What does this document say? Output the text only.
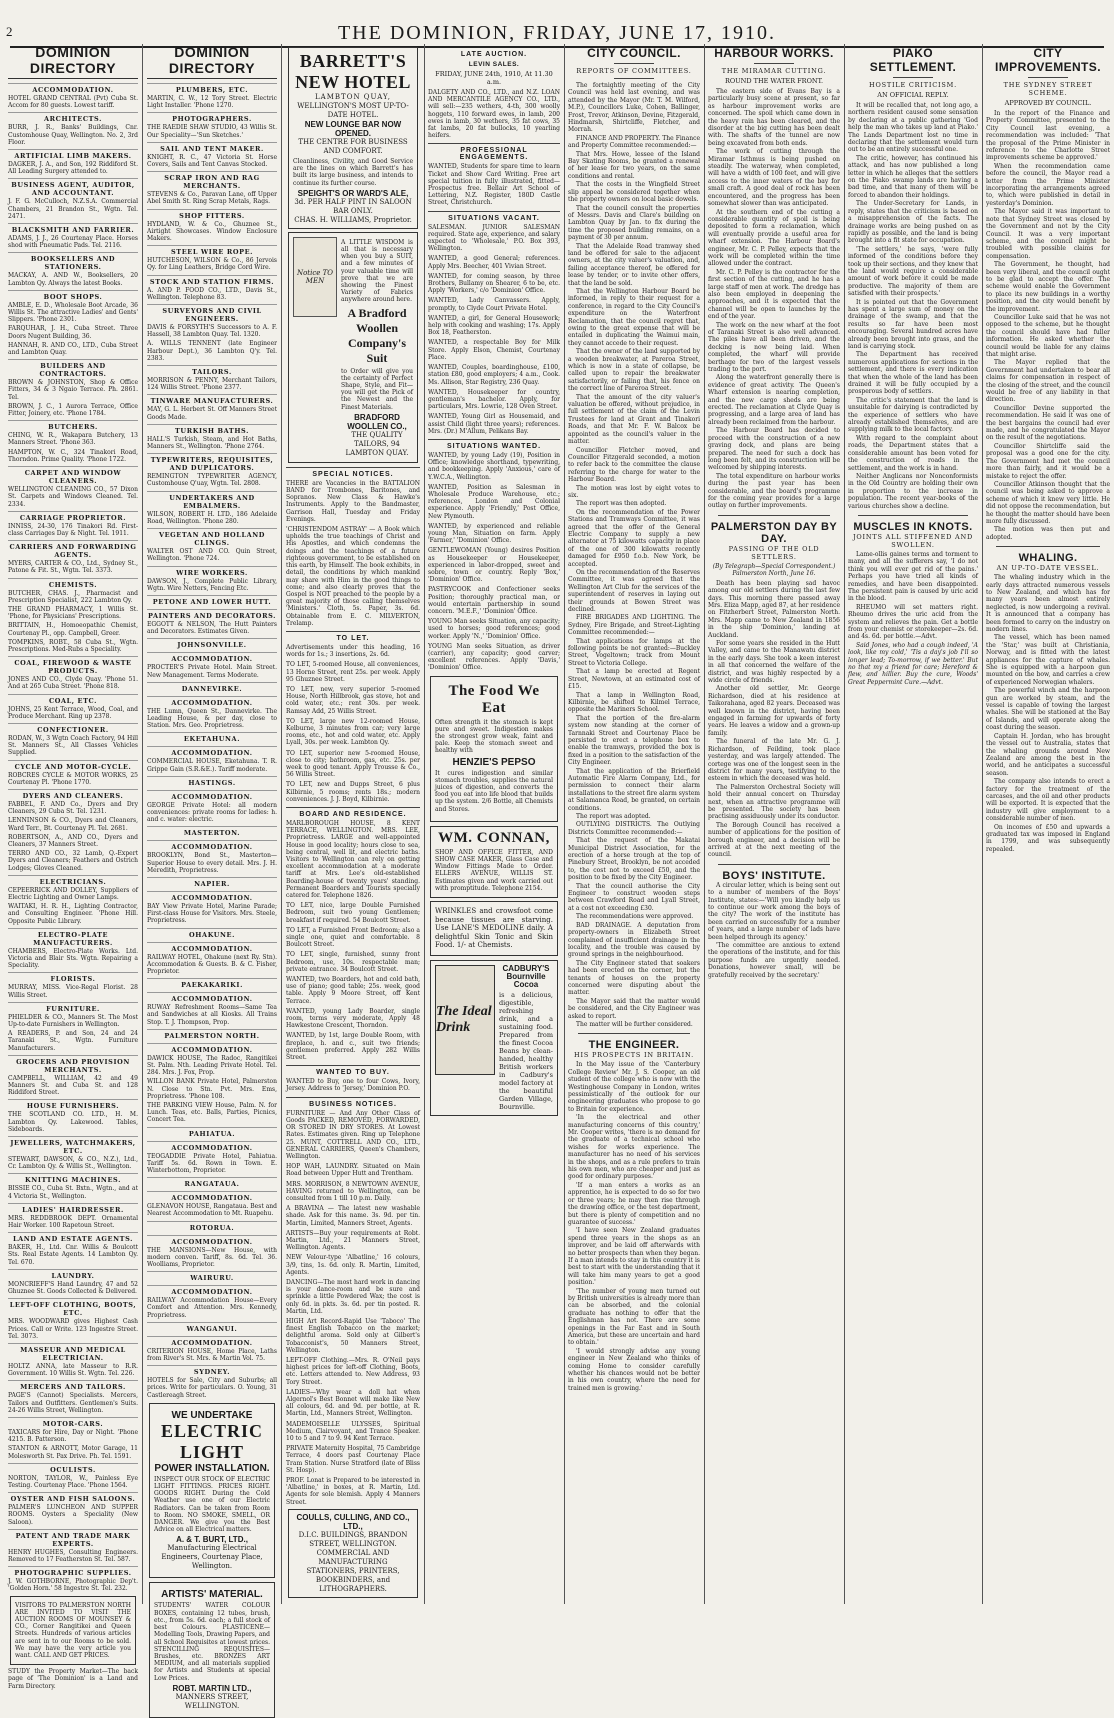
2	THE DOMINION, FRIDAY, JUNE 17, 1910.
DOMINION DIRECTORY
ACCOMMODATION.
HOTEL GRAND CENTRAL (Pvt) Cuba St. Accom for 80 guests. Lowest tariff.
ARCHITECTS.
BURR, J. R., Banks' Buildings, Cnr. Customhouse Quay, Wellington. No. 2, 3rd Floor.
ARTIFICIAL LIMB MAKERS.
DAGKER, J. A., and Son, 192 Riddiford St. All Leading Surgery attended to.
BUSINESS AGENT, AUDITOR, AND ACCOUNTANT.
J. F. G. McCulloch, N.Z.S.A. Commercial Chambers, 21 Brandon St., Wgtn. Tel. 2471.
BLACKSMITH AND FARRIER.
ADAMS, J. J., 26 Courtenay Place. Horses shod with Pneumatic Pads. Tel. 2116.
BOOKSELLERS AND STATIONERS.
MACKAY, A. AND W., Booksellers, 20 Lambton Qy. Always the latest Books.
BOOT SHOPS.
AMBLE, E. D., Wholesale Boot Arcade, 36 Willis St. The attractive Ladies' and Gents' Slippers. 'Phone 2301.
FARQUHAR, J. H., Cuba Street. Three Doors Nugent Building, 36.
HANNAH, R. AND CO., LTD., Cuba Street and Lambton Quay.
BUILDERS AND CONTRACTORS.
BROWN & JOHNSTON, Shop & Office Fitters, 34 & 3 Ngaio Terrace. Ph. 2861. Tel.
BROWN, J. C., 1 Aurora Terrace, Office Fitter, Joinery, etc. 'Phone 1784.
BUTCHERS.
CHING, W. R., Wakapara Butchery, 13 Manners Street. 'Phone 363.
HAMPTON, W. C., 324 Tinakori Road, Thorndon. Prime Quality. 'Phone 1722.
CARPET AND WINDOW CLEANERS.
WELLINGTON CLEANING CO., 57 Dixon St. Carpets and Windows Cleaned. Tel. 2334.
CARRIAGE PROPRIETOR.
INNISS, 24-30, 176 Tinakori Rd. First-class Carriages Day & Night. Tel. 1911.
CARRIERS AND FORWARDING AGENTS.
MYERS, CARTER & CO., Ltd., Sydney St., Patone & Fit. St., Wgtn. Tel. 3373.
CHEMISTS.
BUTCHER, CHAS. J., Pharmacist and Prescription Specialist, 222 Lambton Qy.
THE GRAND PHARMACY, 1 Willis St. 'Phone, for Physicians' Prescriptions.
BRITTAIN, H., Homoeopathic Chemist, Courtenay Pl., opp. Campbell, Greer.
TOMPKINS, ROBT., 58 Cuba St., Wgtn. Prescriptions. Med-Rubs a Speciality.
COAL, FIREWOOD & WASTE PRODUCTS.
JONES AND CO., Clyde Quay. 'Phone 51. And at 265 Cuba Street. 'Phone 818.
COAL, ETC.
JOHNS, 25 Kent Terrace, Wood, Coal, and Produce Merchant. Ring up 2378.
CONFECTIONER.
RODAN, W., 3 Wgtn Coach Factory, 94 Hill St. Manners St., All Classes Vehicles Supplied.
CYCLE AND MOTOR-CYCLE.
ROBCRES CYCLE & MOTOR WORKS, 25 Courtenay Pl. 'Phone 1770.
DYERS AND CLEANERS.
FABBEL, F. AND Co., Dyers and Dry Cleaners, 29 Cuba St. Tel. 1231.
LENNINSON & CO., Dyers and Cleaners, Ward Terr., Bt. Courtenay Pl. Tel. 2681.
ROBERTSON, A., AND CO., Dyers and Cleaners, 37 Manners Street.
TERRO AND CO., 32 Lamb, Q.-Expert Dyers and Cleaners; Feathers and Ostrich Lodges; Gloves Cleaned.
ELECTRICIANS.
CEPEERRICK AND DOLLEY, Suppliers of Electric Lighting and Owner Lamps.
WAITAKI, H. R. H., Lighting Contractor, and Consulting Engineer. 'Phone Hill. Opposite Public Library.
ELECTRO-PLATE MANUFACTURERS.
CHAMBERS, Electro-Plate Works. Ltd. Victoria and Blair Sts. Wgtn. Repairing a Speciality.
FLORISTS.
MURRAY, MISS. Vice-Regal Florist. 28 Willis Street.
FURNITURE.
PHIELDER & CO., Manners St. The Most Up-to-date Furnishers in Wellington.
A READERS, P. and Son, 24 and 24 Taranaki St., Wgtn. Furniture Manufacturers.
GROCERS AND PROVISION MERCHANTS.
CAMPBELL, WILLIAM, 42 and 49 Manners St. and Cuba St. and 128 Riddiford Street.
HOUSE FURNISHERS.
THE SCOTLAND CO. LTD., H. M. Lambton Qy. Lakewood. Tables, Sideboards.
JEWELLERS, WATCHMAKERS, ETC.
STEWART, DAWSON, & CO., N.Z.), Ltd., Cr. Lambton Qy. & Willis St., Wellington.
KNITTING MACHINES.
BISSIE CO., Cuba St. Bxtn., Wgtn., and at 4 Victoria St., Wellington.
LADIES' HAIRDRESSER.
MRS. REDDBROOK DEPT. Ornamental Hair Worker. 100 Rapetoun Street.
LAND AND ESTATE AGENTS.
BAKER, H., Ltd. Cnr. Willis & Boulcott Sts. Real Estate Agents. 14 Lambton Qy. Tel. 670.
LAUNDRY.
MONCRIEFF'S Hand Laundry, 47 and 52 Ghuznee St. Goods Collected & Delivered.
LEFT-OFF CLOTHING, BOOTS, ETC.
MRS. WOODWARD gives Highest Cash Prices. Call or Write. 123 Ingestre Street. Tel. 3073.
MASSEUR AND MEDICAL ELECTRICIAN.
HOLTZ ANNA, late Masseur to R.R. Government. 10 Willis St. Wgtn. Tel. 226.
MERCERS AND TAILORS.
PAGE'S (Cannot) Specialists. Mercers, Tailors and Outfitters. Gentlemen's Suits. 24-26 Willis Street, Wellington.
MOTOR-CARS.
TAXICARS for Hire, Day or Night. 'Phone 4215. B. Patterson.
STANTON & ARNOTT, Motor Garage, 11 Molesworth St. Pax Drive. Ph. Tel. 1591.
OCULISTS.
NORTON, TAYLOR, W., Painless Eye Testing. Courtenay Place. 'Phone 1564.
OYSTER AND FISH SALOONS.
PALMER'S LUNCHEON AND SUPPER ROOMS. Oysters a Speciality (New Saloon).
PATENT AND TRADE MARK EXPERTS.
HENRY HUGHES, Consulting Engineers. Removed to 17 Featherston St. Tel. 587.
PHOTOGRAPHIC SUPPLIES.
J. W. GOTHBORNE, Photographic Dep't. 'Golden Horn.' 58 Ingestre St. Tel. 232.
VISITORS TO PALMERSTON NORTH ARE INVITED TO VISIT THE AUCTION ROOMS OF MOUNSEY & CO., Corner Rangitikei and Queen Streets. Hundreds of various articles are sent in to our Rooms to be sold. We may have the very article you want. CALL AND GET PRICES.
STUDY the Property Market—The back page of 'The Dominion' is a Land and Farm Directory.
DOMINION DIRECTORY
PLUMBERS, ETC.
MARTIN, C. W., 12 Tory Street. Electric Light Installer. 'Phone 1270.
PHOTOGRAPHERS.
THE RAEDIE SHAW STUDIO, 43 Willis St. Our Speciality—'Sun Sketches.'
SAIL AND TENT MAKER.
KNIGHT, R. C., 47 Victoria St. Horse Covers, Sails and Tent Canvas Stocked.
SCRAP IRON AND RAG MERCHANTS.
STEVENS & Co., Paravan Lane, off Upper Abel Smith St. Ring Scrap Metals, Rags.
SHOP FITTERS.
HYDLAND, W. & Co., Ghuznee St., Airtight Showcases. Window Enclosure Makers.
STEEL WIRE ROPE.
HUTCHESON, WILSON & Co., 86 Jervois Qy. for Ling Leathers, Bridge Cord Wire.
STOCK AND STATION FIRMS.
A. AND P. FOOD CO., LTD., Davis St., Wellington. Telephone 83.
SURVEYORS AND CIVIL ENGINEERS.
DAVIS & FORSYTH'S Successors to A. F. Hassell, 38 Lambton Quay. Tel. 1320.
A. WILLS TENNENT (late Engineer Harbour Dept.), 36 Lambton Q'y. Tel. 2383.
TAILORS.
MORRISON & PENNY, Merchant Tailors, 124 Willis Street. 'Phone 2377.
TINWARE MANUFACTURERS.
MAY, G. L. Herbert St. Off Manners Street Goods Made.
TURKISH BATHS.
HALL'S Turkish, Steam, and Hot Baths, Manners St., Wellington. 'Phone 2764.
TYPEWRITERS, REQUISITES, AND DUPLICATORS.
REMINGTON TYPEWRITER AGENCY, Customhouse Q'uay, Wgtn. Tel. 2808.
UNDERTAKERS AND EMBALMERS.
WILSON, ROBERT H. LTD., 186 Adelaide Road, Wellington. 'Phone 280.
VEGETAN AND HOLLAND CLINGS.
WALTER OST AND CO. Quin Street, Wellington. 'Phone 724.
WIRE WORKERS.
DAWSON, J., Complete Public Library, Wgtn. Wire Netters, Fencing Etc.
PETONE AND LOWER HUTT.
PAINTERS AND DECORATORS.
EGGOTT & NELSON, The Hutt Painters and Decorators. Estimates Given.
JOHNSONVILLE.
ACCOMMODATION.
PROCTER'S Private Hotel. Main Street. New Management. Terms Moderate.
DANNEVIRKE.
ACCOMMODATION.
THE Lumn, Queen St., Dannevirke. The Leading House, & per day, close to Station. Mrs. Geo. Proprietress.
EKETAHUNA.
ACCOMMODATION.
COMMERCIAL HOUSE, Eketahuna. T. R. Grippe Gain (S.R.&E.). Tariff moderate.
HASTINGS.
ACCOMMODATION.
GEORGE Private Hotel: all modern conveniences: private rooms for ladies: h. and c. water: electric.
MASTERTON.
ACCOMMODATION.
BROOKLYN, Bond St., Masterton—Superior House to every detail. Mrs. J. H. Meredith, Proprietress.
NAPIER.
ACCOMMODATION.
BAY View Private Hotel, Marine Parade; First-class House for Visitors. Mrs. Steele, Proprietress.
OHAKUNE.
ACCOMMODATION.
RAILWAY HOTEL, Ohakune (next Ry. Stn). Accommodation & Guests. B. & C. Fisher, Proprietor.
PAEKAKARIKI.
ACCOMMODATION.
RUWAY Refreshment Rooms—Same Tea and Sandwiches at all Kiosks. All Trains Stop. T. J. Thompson, Prop.
PALMERSTON NORTH.
ACCOMMODATION.
DAWICK HOUSE, The Radoc, Rangitikei St. Palm. Nth. Leading Private Hotel. Tel. 284. Mrs. J. Fox, Prop.
WILLON BANK Private Hotel, Palmerston N. Close to Stn. Pvt. Mrs. Ems, Proprietress. 'Phone 108.
THE PARKING VIEW House, Palm. N. for Lunch. Teas, etc. Balls, Parties, Picnics, Concert Tea.
PAHIATUA.
ACCOMMODATION.
TEOGADDIE Private Hotel, Pahiatua. Tariff 5s. 6d. Rown in Town. E. Winterbottom, Proprietor.
RANGATAUA.
ACCOMMODATION.
GLENAVON HOUSE, Rangataua. Best and Nearest Accommodation to Mt. Ruapehu.
ROTORUA.
ACCOMMODATION.
THE MANSIONS—New House, with modern conven. Tariff, 8s. 6d. Tel. 36. Woolliams, Proprietor.
WAIRURU.
ACCOMMODATION.
RAILWAY Accommodation House—Every Comfort and Attention. Mrs. Kennedy, Proprietress.
WANGANUI.
ACCOMMODATION.
CRITERION HOUSE, Home Place, Laths from River's St. Mrs. & Martin Vol. 75.
SYDNEY.
HOTELS for Sale, City and Suburbs; all prices. Write for particulars. O. Young, 31 Castlereagh Street.
WE UNDERTAKE
ELECTRIC LIGHT
POWER INSTALLATION.
INSPECT OUR STOCK OF ELECTRIC LIGHT FITTINGS. PRICES RIGHT. GOODS RIGHT. During the Cold Weather use one of our Electric Radiators. Can be taken from Room to Room. NO SMOKE, SMELL, OR DANGER. We give you the Best Advice on all Electrical matters.
A. & T. BURT, LTD.,
Manufacturing Electrical Engineers, Courtenay Place, Wellington.
ARTISTS' MATERIAL.
STUDENTS' WATER COLOUR BOXES, containing 12 tubes, brush, etc., from 5s. 6d. each; a full stock of best Colours. PLASTICENE—Modelling Tools, Drawing Papers, and all School Requisites at lowest prices. STENCILLING REQUISITES—Brushes, etc. BRONZES ART MEDIUM, and all materials supplied for Artists and Students at special Low Prices.
ROBT. MARTIN LTD.,
MANNERS STREET, WELLINGTON.
BARRETT'S NEW HOTEL
LAMBTON QUAY,
WELLINGTON'S MOST UP-TO-DATE HOTEL.
NEW LOUNGE BAR NOW OPENED.
THE CENTRE FOR BUSINESS AND COMFORT.
Cleanliness, Civility, and Good Service are the lines on which Barrett's has built its large business, and intends to continue its further course.
SPEIGHT'S OR WARD'S ALE,
3d. PER HALF PINT IN SALOON BAR ONLY.
CHAS. H. WILLIAMS, Proprietor.
Notice TO MEN
A LITTLE WISDOM is all that is necessary when you buy a SUIT, and a few minutes of your valuable time will prove that we are showing the Finest Variety of Fabrics anywhere around here.
A Bradford Woollen Company's Suit
to Order will give you the certainty of Perfect Shape, Style, and Fit—you will get the Pick of the Newest and the Finest Materials.
BRADFORD WOOLLEN CO.,
THE QUALITY TAILORS, 94 LAMBTON QUAY.
SPECIAL NOTICES.
THERE are Vacancies in the BATTALION BAND for Trombones, Baritones, and Sopranos. New Class & Hawke's Instruments. Apply to the Bandmaster, Garrison Hall, Tuesday and Friday Evenings.
'CHRISTENDOM ASTRAY' — A Book which upholds the true teachings of Christ and His Apostles, and which condemns the doings and the teachings of a future righteous government, to be established on this earth, by Himself. The book exhibits, in detail, the conditions by which mankind may share with Him in the good things to come; and also clearly proves that the Gospel is NOT preached to the people by a great majority of those calling themselves 'Ministers.' Cloth, 5s. Paper, 3s. 6d. Obtainable from E. C. MILVERTON, Trelamp.
TO LET.
Advertisements under this heading, 16 words for 1s.; 3 insertions, 2s. 6d.
TO LET, 5-roomed House, all conveniences, 13 Horne Street, rent 25s. per week. Apply 95 Ghuznee Street.
TO LET, new, very superior 5-roomed House, North Hillbrook, gas stove, hot and cold water, etc.; rent 30s. per week. Ramsay Add, 25 Willis Street.
TO LET, large new 12-roomed House, Kelburne, 3 minutes from car; very large rooms, etc., hot and cold water, etc. Apply Lyall, 30s. per week. Lambton Qy.
TO LET, superior new 5-roomed House, close to city; bathroom, gas, etc. 25s. per week to good tenant. Apply Trousse & Co., 56 Willis Street.
TO LET, new and Dupps Street, 6 plus Kilbirnie, 5 rooms; rents 18s.; modern conveniences. J. J. Boyd, Kilbirnie.
BOARD AND RESIDENCE.
MARLBOROUGH HOUSE, 8 KENT TERRACE, WELLINGTON. MRS. LEE, Proprietress. LARGE and well-appointed House in good locality; hours close to sea, being central, well lit, and electric baths. Visitors to Wellington can rely on getting excellent accommodation at a moderate tariff at Mrs. Lee's old-established Boarding-house of twenty years' standing. Permanent Boarders and Tourists specially catered for. Telephone 1826.
TO LET, nice, large Double Furnished Bedroom, suit two young Gentlemen; breakfast if required. 54 Boulcott Street.
TO LET, a Furnished Front Bedroom; also a single one, quiet and comfortable. 8 Boulcott Street.
TO LET, single, furnished, sunny front Bedroom, use, 10s. respectable man; private entrance. 34 Boulcott Street.
WANTED, two Boarders, hot and cold bath, use of piano; good table; 25s. week, good table. Apply 9 Moore Street, off Kent Terrace.
WANTED, young Lady Boarder, single room, terms very moderate, Apply 48 Hawkestone Crescent, Thorndon.
WANTED, by 1st, large Double Room, with fireplace, h. and c., suit two friends; gentlemen preferred. Apply 282 Willis Street.
WANTED TO BUY.
WANTED to Buy, one to four Cows, Ivory, Jersey. Address to 'Jersey,' Dominion P.O.
BUSINESS NOTICES.
FURNITURE — And Any Other Class of Goods PACKED, REMOVED, FORWARDED, OR STORED IN DRY STORES. At Lowest Rates. Estimates given. Ring up Telephone 25. MUNT, COTTRELL AND CO., LTD., GENERAL CARRIERS, Queen's Chambers, Wellington.
HOP WAH, LAUNDRY. Situated on Main Road between Upper Hutt and Trentham.
MRS. MORRISON, 8 NEWTOWN AVENUE, HAVING returned to Wellington, can be consulted from 1 till 10 p.m. Daily.
A BRAVINA — The latest new washable shade. Ask for this name. 3s. 9d. per tin. Martin, Limited, Manners Street, Agents.
ARTISTS—Buy your requirements at Robt. Martin, Ltd., 21 Manners Street, Wellington. Agents.
NEW Velour-type 'Albatline,' 16 colours, 3/9, tins, 1s. 6d. only. R. Martin, Limited, Agents.
DANCING—The most hard work in dancing is your dance-room and be sure and sprinkle a little Powdered Wax; the cost is only 6d. in pkts. 3s. 6d. per tin posted. R. Martin, Ltd.
HIGH Art Record-Rapid Use 'Taboco' The finest English Tobacco on the market; delightful aroma. Sold only at Gilbert's Tobacconist's, 50 Manners Street, Wellington.
LEFT-OFF Clothing.—Mrs. R. O'Neil pays highest prices for left-off Clothing, Boots, etc. Letters attended to. New Address, 93 Tory Street.
LADIES—Why wear a doll hat when Algernol's Best Bonnet will make like New all colours, 6d. and 9d. per bottle, at R. Martin, Ltd., Manners Street, Wellington.
MADEMOISELLE ULYSSES, Spiritual Medium, Clairvoyant, and Trance Speaker. 10 to 5 and 7 to 9. 94 Kent Terrace.
PRIVATE Maternity Hospital, 75 Cambridge Terrace, 4 doors past Courtenay Place Tram Station. Nurse Stratford (late of Bliss St. Hosp).
PROF. Lonat is Prepared to be interested in 'Albatline,' in boxes, at R. Martin, Ltd. Agents for sole blemish. Apply 4 Manners Street.
COULLS, CULLING, AND CO., LTD.,
D.I.C. BUILDINGS, BRANDON STREET, WELLINGTON.
COMMERCIAL AND MANUFACTURING STATIONERS, PRINTERS, BOOKBINDERS, and LITHOGRAPHERS.
LATE AUCTION.
LEVIN SALES.
FRIDAY, JUNE 24th, 1910, At 11.30 a.m.
DALGETY AND CO., LTD., and N.Z. LOAN AND MERCANTILE AGENCY CO., LTD., will sell:—235 wethers, 4-th, 300 woolly hoggets, 110 forward ewes, in lamb, 200 ewes in lamb, 30 wethers, 35 fat cows, 35 fat lambs, 20 fat bullocks, 10 yearling heifers.
PROFESSIONAL ENGAGEMENTS.
WANTED, Students for spare time to learn Ticket and Show Card Writing. Free art special tuition in fully illustrated, fitted—Prospectus free. Bellair Art School of Lettering, N.Z. Register, 180D Castle Street, Christchurch.
SITUATIONS VACANT.
SALESMAN. JUNIOR SALESMAN required. State age, experience, and salary expected to 'Wholesale,' P.O. Box 393, Wellington.
WANTED, a good General; references. Apply Mrs. Beecher, 401 Vivian Street.
WANTED, for coming season, by three Brothers, Bullamy on Shearer, 6 to be, etc. Apply 'Workers,' c/o 'Dominion' Office.
WANTED, Lady Canvassers. Apply, promptly, to Clyde Court Private Hotel.
WANTED, a girl, for General Housework; help with cooking and washing; 17s. Apply Box 18, Featherston.
WANTED, a respectable Boy for Milk Store. Apply Elson, Chemist, Courtenay Place.
WANTED, Couples, boardinghouse, £100, station £80, good employers; 4 a.m., Cook. Ms. Allison, Star Registry, 236 Quay.
WANTED, Housekeeper for country, gentleman's bachelor. Apply, for particulars, Mrs. Lowrie, 128 Oven Street.
WANTED, Young Girl as Housemaid, and assist Child (light three years); references. Mrs. (Dr.) M'Allum, Pelikans Bay.
SITUATIONS WANTED.
WANTED, by young Lady (19), Position in Office; knowledge shorthand, typewriting, and bookkeeping. Apply 'Anxious,' care of Y.W.C.A., Wellington.
WANTED, Position as Salesman in Wholesale Produce Warehouse, etc.; references, London and Colonial experience. Apply 'Friendly,' Post Office, New Plymouth.
WANTED, by experienced and reliable young Man, Situation on farm. Apply 'Farmer,' 'Dominion' Office.
GENTLEWOMAN (Young) desires Position as Housekeeper or Housekeeper, experienced in labor-dropped, sweet and sobre, town or country. Reply 'Box,' 'Dominion' Office.
PASTRYCOOK and Confectioner seeks Position; thoroughly practical man, or would entertain partnership in sound concern. 'M.E.F.,' 'Dominion' Office.
YOUNG Man seeks Situation, any capacity; used to horses; good references; good worker. Apply 'N.,' 'Dominion' Office.
YOUNG Man seeks Situation, as driver (carrier), any capacity; good carver; excellent references. Apply 'Davis,' 'Dominion' Office.
The Food We Eat
Often strength it the stomach is kept pure and sweet. Indigestion makes the strongest grow weak, faint and pale. Keep the stomach sweet and healthy with
HENZIE'S PEPSO
It cures indigestion and similar stomach troubles, supplies the natural juices of digestion, and converts the food you eat into life blood that builds up the system. 2/6 Bottle, all Chemists and Stores.
WM. CONNAN,
SHOP AND OFFICE FITTER, AND SHOW CASE MAKER, Glass Case and Window Fittings Made to Order. ELLERS AVENUE, WILLIS ST. Estimates given and work carried out with promptitude. Telephone 2154.
WRINKLES and crowsfoot come because tissues are starving. Use LANE'S MEDOLINE daily. A delightful Skin Tonic and Skin Food. 1/- at Chemists.
The Ideal Drink
CADBURY'S Bournville Cocoa
is a delicious, digestible, refreshing drink, and a sustaining food. Prepared from the finest Cocoa Beans by clean-handed, healthy British workers in Cadbury's model factory at the beautiful Garden Village, Bournville.
CITY COUNCIL.
REPORTS OF COMMITTEES.
The fortnightly meeting of the City Council was held last evening, and was attended by the Mayor (Mr. T. M. Wilford, M.P.), Councillors Luke, Cohen, Ballinger, Frost, Trevor, Atkinson, Devine, Fitzgerald, Hindmarsh, Shirtcliffe, Fletcher, and Morrah.
FINANCE AND PROPERTY. The Finance and Property Committee recommended:—
That Mrs. Howe, lessee of the Island Bay Skating Rooms, be granted a renewal of her lease for two years, on the same conditions and rental.
That the costs in the Wingfield Street slip appeal be considered together when the property owners on local basic dowels.
That the council consult the properties of Messrs. Davis and Clare's building on Lambton Quay by Jan. to fix during the time the proposed building remains, on a payment of 30 per annum.
That the Adelaide Road tramway shed land be offered for sale to the adjacent owners, at the city valuer's valuation, and, failing acceptance thereof, be offered for lease by tender, or to invite other offers, that the land be sold.
That the Wellington Harbour Board be informed, in reply to their request for a conference, in regard to the City Council's expenditure on the Waterfront Reclamation, that the council regret that, owing to the great expense that will be entailed in duplicating the Waimui main, they cannot accede to their request.
That the owner of the land supported by a wooden breakwater, at Pareroa Street, which is now in a state of collapse, be called upon to repair the breakwater satisfactorily, or failing that, his fence on the correct line of Pareroa Street.
That the amount of the city valuer's valuation be offered, without prejudice, in full settlement of the claim of the Levin Trustees for land at Grant and Tinakori Roads, and that Mr. F. W. Balcox be appointed as the council's valuer in the matter.
Councillor Fletcher moved, and Councillor Fitzgerald seconded, a motion to refer back to the committee the clause referring to the charge for water to the Harbour Board.
The motion was lost by eight votes to six.
The report was then adopted.
On the recommendation of the Power Stations and Tramways Committee, it was agreed that the offer of the General Electric Company to supply a new alternator at 75 kilowatts capacity in place of the one of 300 kilowatts recently damaged for £950 f.o.b. New York, be accepted.
On the recommendation of the Reserves Committee, it was agreed that the Wellington Art Club for the services of the superintendent of reserves in laying out their grounds at Bowen Street was declined.
FIRE BRIGADES AND LIGHTING. The Sydney, Fire Brigade, and Street-Lighting Committee recommended:—
That applications for lamps at the following points be not granted:—Buckley Street, Vogeltown; track from Mount Street to Victoria College.
That a lamp be erected at Regent Street, Newtown, at an estimated cost of £15.
That a lamp in Wellington Road, Kilbirnie, be shifted to Kilmel Terrace, opposite the Mariners School.
That the portion of the fire-alarm system now standing at the corner of Tarnnaki Street and Courtenay Place be persisted to erect a telephone box to enable the tramways, provided the box is fixed in a position to the satisfaction of the City Engineer.
That the application of the Brierfield Automatic Fire Alarm Company, Ltd., for permission to connect their alarm installations to the street fire alarm system at Salamanca Road, be granted, on certain conditions.
The report was adopted.
OUTLYING DISTRICTS. The Outlying Districts Committee recommended:—
That the request of the Makatai Municipal District Association, for the erection of a horse trough at the top of Pinebury Street, Brooklyn, be not acceded to, the cost not to exceed £50, and the position to be fixed by the City Engineer.
That the council authorise the City Engineer to construct wooden steps between Crawford Road and Lyall Street, at a cost not exceeding £30.
The recommendations were approved.
BAD DRAINAGE. A deputation from property-owners in Elizabeth Street complained of insufficient drainage in the locality, and the trouble was caused by ground springs in the neighbourhood.
The City Engineer stated that soakers had been erected on the corner, but the tenants of houses on the property concerned were disputing about the matter.
The Mayor said that the matter would be considered, and the City Engineer was asked to report.
The matter will be further considered.
THE ENGINEER.
HIS PROSPECTS IN BRITAIN.
In the May issue of the 'Canterbury College Review' Mr. J. S. Cooper, an old student of the college who is now with the Westinghouse Company in London, writes pessimistically of the outlook for our engineering graduates who propose to go to Britain for experience.
'In the electrical and other manufacturing concerns of this country,' Mr. Cooper writes, 'there is no demand for the graduate of a technical school who wishes for works experience. The manufacturer has no need of his services in the shops, and as a rule prefers to train his own men, who are cheaper and just as good for ordinary purposes.'
'If a man enters a works as an apprentice, he is expected to do so for two or three years; he may then rise through the drawing office, or the test department, but there is plenty of competition and no guarantee of success.'
'I have seen New Zealand graduates spend three years in the shops as an improver, and be laid off afterwards with no better prospects than when they began. If a man intends to stay in this country it is best to start with the understanding that it will take him many years to get a good position.'
'The number of young men turned out by British universities is already more than can be absorbed, and the colonial graduate has nothing to offer that the Englishman has not. There are some openings in the Far East and in South America, but these are uncertain and hard to obtain.'
'I would strongly advise any young engineer in New Zealand who thinks of coming Home to consider carefully whether his chances would not be better in his own country, where the need for trained men is growing.'
HARBOUR WORKS.
THE MIRAMAR CUTTING.
ROUND THE WATER FRONT.
The eastern side of Evans Bay is a particularly busy scene at present, so far as harbour improvement works are concerned. The spoil which came down in the heavy rain has been cleared, and the disorder at the big cutting has been dealt with. The shafts of the tunnel are now being excavated from both ends.
The work of cutting through the Miramar Isthmus is being pushed on steadily. The waterway, when completed, will have a width of 100 feet, and will give access to the inner waters of the bay for small craft. A good deal of rock has been encountered, and the progress has been somewhat slower than was anticipated.
At the southern end of the cutting a considerable quantity of spoil is being deposited to form a reclamation, which will eventually provide a useful area for wharf extension. The Harbour Board's engineer, Mr. C. P. Pelley, expects that the work will be completed within the time allowed under the contract.
Mr. C. P. Pelley is the contractor for the first section of the cutting, and he has a large staff of men at work. The dredge has also been employed in deepening the approaches, and it is expected that the channel will be open to launches by the end of the year.
The work on the new wharf at the foot of Taranaki Street is also well advanced. The piles have all been driven, and the decking is now being laid. When completed, the wharf will provide berthage for two of the largest vessels trading to the port.
Along the waterfront generally there is evidence of great activity. The Queen's Wharf extension is nearing completion, and the new cargo sheds are being erected. The reclamation at Clyde Quay is progressing, and a large area of land has already been reclaimed from the harbour.
The Harbour Board has decided to proceed with the construction of a new graving dock, and plans are being prepared. The need for such a dock has long been felt, and its construction will be welcomed by shipping interests.
The total expenditure on harbour works during the past year has been considerable, and the board's programme for the coming year provides for a large outlay on further improvements.
PALMERSTON DAY BY DAY.
PASSING OF THE OLD SETTLERS.
(By Telegraph—Special Correspondent.) Palmerston North, June 16.
Death has been playing sad havoc among our old settlers during the last few days. This morning there passed away Mrs. Eliza Mapp, aged 87, at her residence on Fitzherbert Street, Palmerston North. Mrs. Mapp came to New Zealand in 1856 in the ship 'Dominion,' landing at Auckland.
For some years she resided in the Hutt Valley, and came to the Manawatu district in the early days. She took a keen interest in all that concerned the welfare of the district, and was highly respected by a wide circle of friends.
Another old settler, Mr. George Richardson, died at his residence at Taikorahana, aged 82 years. Deceased was well known in the district, having been engaged in farming for upwards of forty years. He leaves a widow and a grown-up family.
The funeral of the late Mr. G. J. Richardson, of Feilding, took place yesterday, and was largely attended. The cortege was one of the longest seen in the district for many years, testifying to the esteem in which the deceased was held.
The Palmerston Orchestral Society will hold their annual concert on Thursday next, when an attractive programme will be presented. The society has been practising assiduously under its conductor.
The Borough Council has received a number of applications for the position of borough engineer, and a decision will be arrived at at the next meeting of the council.
BOYS' INSTITUTE.
A circular letter, which is being sent out to a number of members of the Boys' Institute, states:—'Will you kindly help us to continue our work among the boys of the city? The work of the institute has been carried on successfully for a number of years, and a large number of lads have been helped through its agency.'
'The committee are anxious to extend the operations of the institute, and for this purpose funds are urgently needed. Donations, however small, will be gratefully received by the secretary.'
PIAKO SETTLEMENT.
HOSTILE CRITICISM.
AN OFFICIAL REPLY.
It will be recalled that, not long ago, a northern resident caused some sensation by declaring at a public gathering 'God help the man who takes up land at Piako.' The Lands Department lost no time in declaring that the settlement would turn out to be an entirely successful one.
The critic, however, has continued his attack, and has now published a long letter in which he alleges that the settlers on the Piako swamp lands are having a bad time, and that many of them will be forced to abandon their holdings.
The Under-Secretary for Lands, in reply, states that the criticism is based on a misapprehension of the facts. The drainage works are being pushed on as rapidly as possible, and the land is being brought into a fit state for occupation.
'The settlers,' he says, 'were fully informed of the conditions before they took up their sections, and they knew that the land would require a considerable amount of work before it could be made productive. The majority of them are satisfied with their prospects.'
It is pointed out that the Government has spent a large sum of money on the drainage of the swamp, and that the results so far have been most encouraging. Several hundred acres have already been brought into grass, and the land is carrying stock.
The Department has received numerous applications for sections in the settlement, and there is every indication that when the whole of the land has been drained it will be fully occupied by a prosperous body of settlers.
The critic's statement that the land is unsuitable for dairying is contradicted by the experience of settlers who have already established themselves, and are supplying milk to the local factory.
With regard to the complaint about roads, the Department states that a considerable amount has been voted for the construction of roads in the settlement, and the work is in hand.
Neither Anglicans nor Nonconformists in the Old Country are holding their own in proportion to the increase in population. The recent year-books of the various churches show a decline.
MUSCLES IN KNOTS.
JOINTS ALL STIFFENED AND SWOLLEN.
Lame-ollis gaines terms and torment to many, and all the sufferers say, 'I do not think you will ever get rid of the pains.' Perhaps you have tried all kinds of remedies, and have been disappointed. The persistent pain is caused by uric acid in the blood.
RHEUMO will set matters right. Rheumo drives the uric acid from the system and relieves the pain. Get a bottle from your chemist or storekeeper—2s. 6d. and 4s. 6d. per bottle.—Advt.
Said Jones, who had a cough indeed, 'A look, like my cold,' 'Tis a day's job I'll so longer lead; To-morrow, if we better.' But no that my a friend for care; Hereford & flew, and hillier. Buy the cure, Woods' Great Peppermint Cure.—Advt.
CITY IMPROVEMENTS.
THE SYDNEY STREET SCHEME.
APPROVED BY COUNCIL.
In the report of the Finance and Property Committee, presented to the City Council last evening, a recommendation was included: 'That the proposal of the Prime Minister in reference to the Charlotte Street improvements scheme be approved.'
When the recommendation came before the council, the Mayor read a letter from the Prime Minister incorporating the arrangements agreed to, which were published in detail in yesterday's Dominion.
The Mayor said it was important to note that Sydney Street was closed by the Government and not by the City Council. It was a very important scheme, and the council might be troubled with possible claims for compensation.
The Government, he thought, had been very liberal, and the council ought to be glad to accept the offer. The scheme would enable the Government to place its new buildings in a worthy position, and the city would benefit by the improvement.
Councillor Luke said that he was not opposed to the scheme, but he thought the council should have had fuller information. He asked whether the council would be liable for any claims that might arise.
The Mayor replied that the Government had undertaken to bear all claims for compensation in respect of the closing of the street, and the council would be free of any liability in that direction.
Councillor Devine supported the recommendation. He said it was one of the best bargains the council had ever made, and he congratulated the Mayor on the result of the negotiations.
Councillor Shirtcliffe said the proposal was a good one for the city. The Government had met the council more than fairly, and it would be a mistake to reject the offer.
Councillor Atkinson thought that the council was being asked to approve a scheme of which it knew very little. He did not oppose the recommendation, but he thought the matter should have been more fully discussed.
The motion was then put and adopted.
WHALING.
AN UP-TO-DATE VESSEL.
The whaling industry which in the early days attracted numerous vessels to New Zealand, and which has for many years been almost entirely neglected, is now undergoing a revival. It is announced that a company has been formed to carry on the industry on modern lines.
The vessel, which has been named the 'Star,' was built at Christiania, Norway, and is fitted with the latest appliances for the capture of whales. She is equipped with a harpoon gun mounted on the bow, and carries a crew of experienced Norwegian whalers.
The powerful winch and the harpoon gun are worked by steam, and the vessel is capable of towing the largest whales. She will be stationed at the Bay of Islands, and will operate along the coast during the season.
Captain H. Jordan, who has brought the vessel out to Australia, states that the whaling grounds around New Zealand are among the best in the world, and he anticipates a successful season.
The company also intends to erect a factory for the treatment of the carcases, and the oil and other products will be exported. It is expected that the industry will give employment to a considerable number of men.
On incomes of £50 and upwards a graduated tax was imposed in England in 1799, and was subsequently repealed.
